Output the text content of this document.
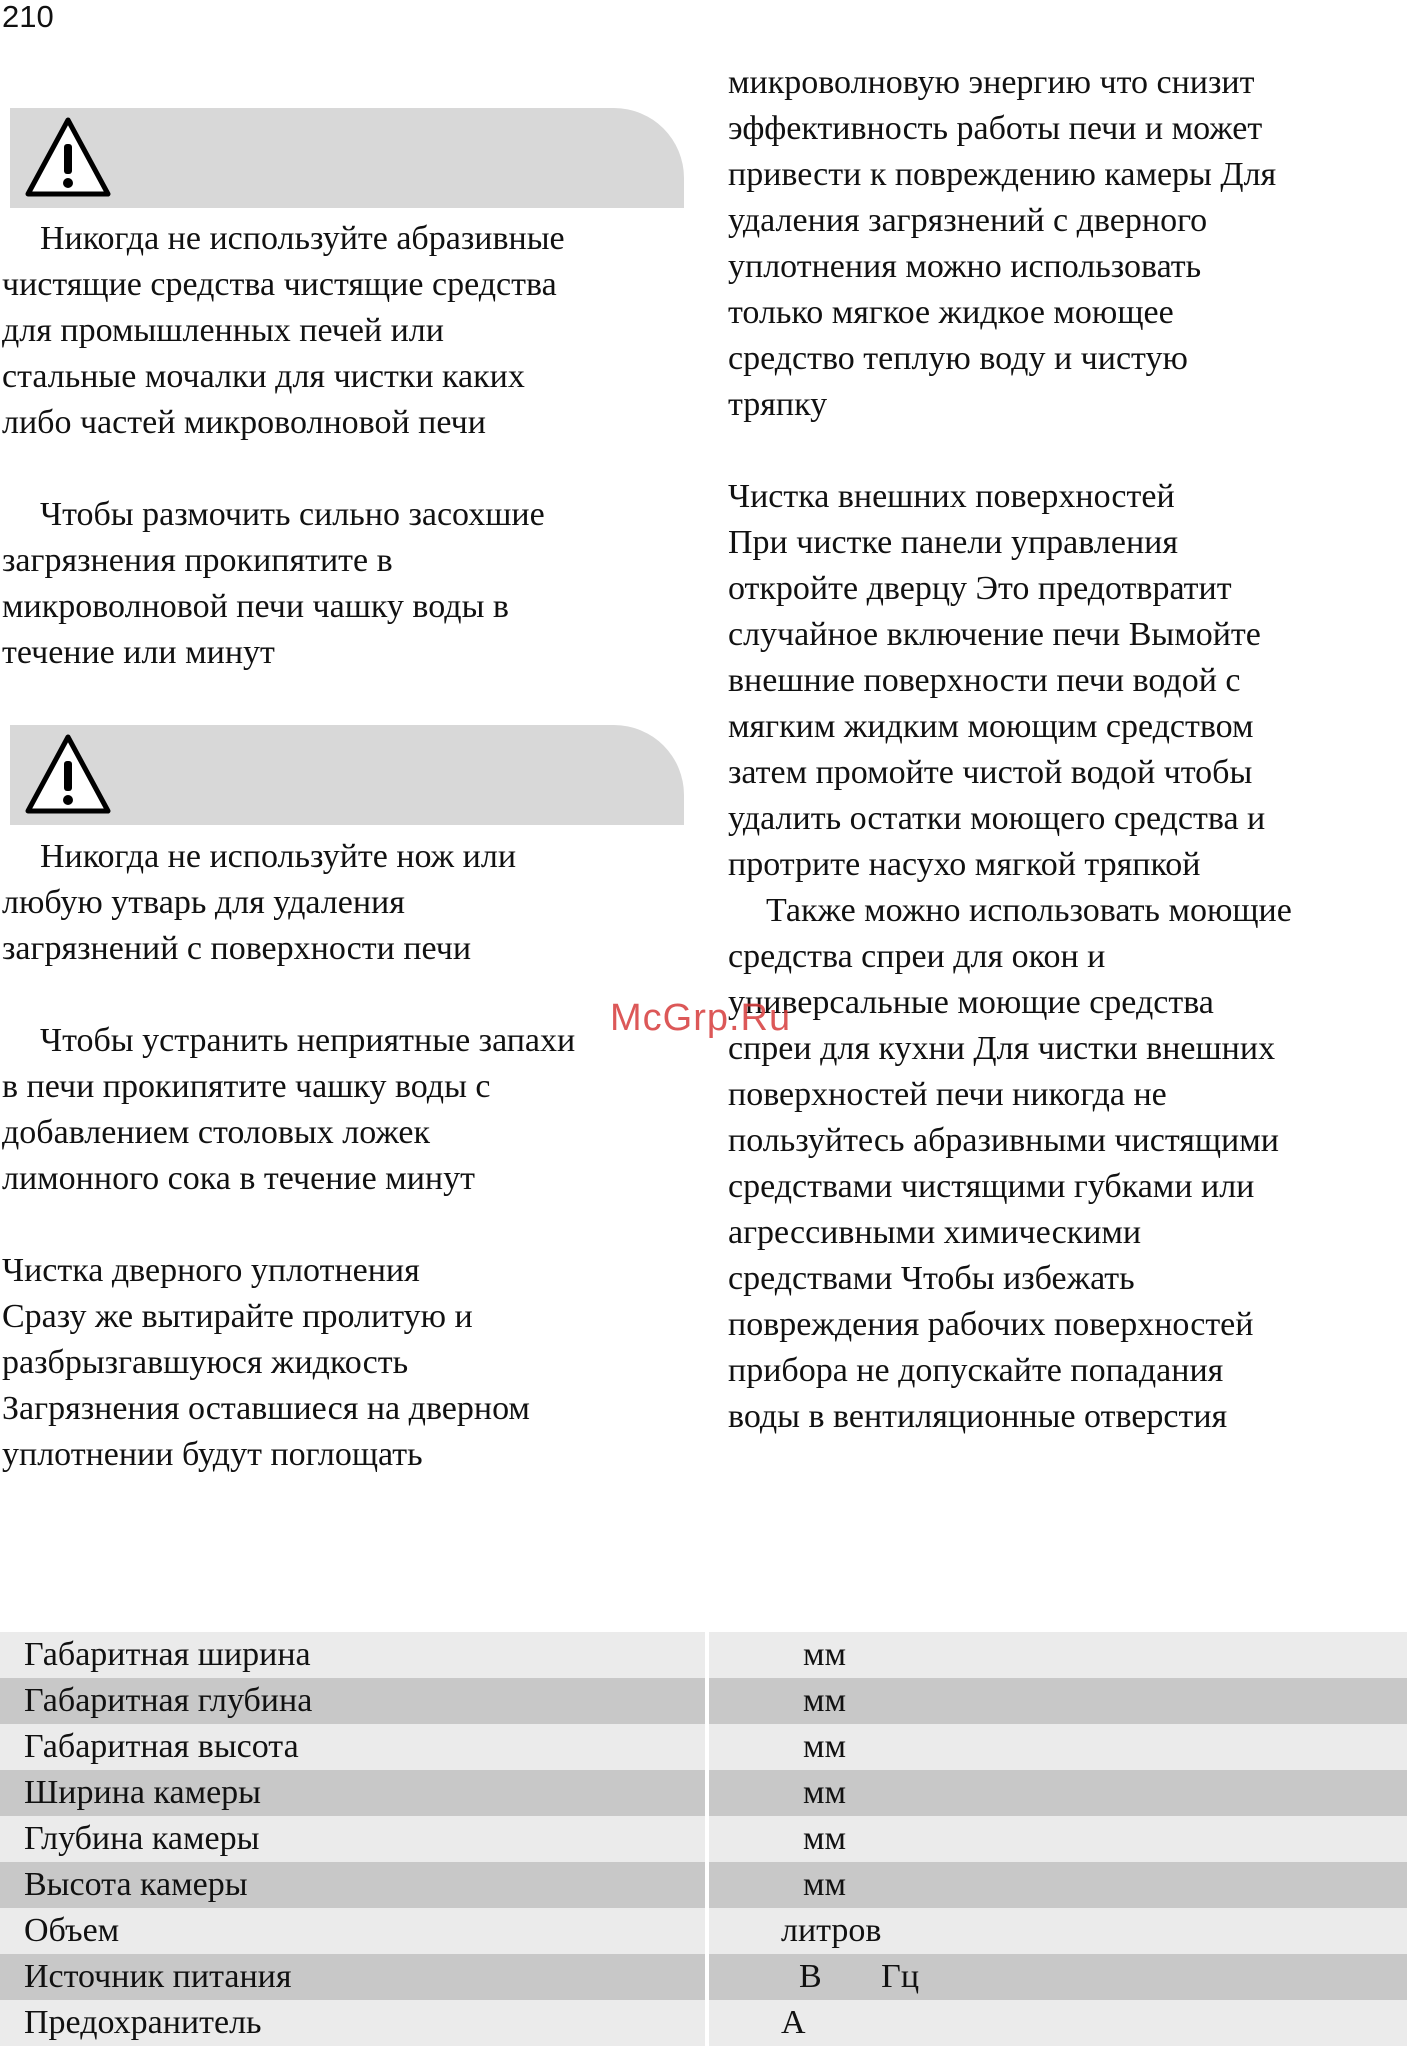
210

Никогда не используйте абразивные
чистящие средства чистящие средства
для промышленных печей или
стальные мочалки для чистки каких
либо частей микроволновой печи

Чтобы размочить сильно засохшие
загрязнения прокипятите в
микроволновой печи чашку воды в
течение или минут

Никогда не используйте нож или
любую утварь для удаления
загрязнений с поверхности печи

Чтобы устранить неприятные запахи
в печи прокипятите чашку воды с
добавлением столовых ложек
лимонного сока в течение минут

Чистка дверного уплотнения

Сразу же вытирайте пролитую и
разбрызгавшуюся жидкость
Загрязнения оставшиеся на дверном
уплотнении будут поглощать

микроволновую энергию что снизит
эффективность работы печи и может
привести к повреждению камеры Для
удаления загрязнений с дверного
уплотнения можно использовать
только мягкое жидкое моющее
средство теплую воду и чистую
тряпку

Чистка внешних поверхностей

При чистке панели управления
откройте дверцу Это предотвратит
случайное включение печи Вымойте
внешние поверхности печи водой с
мягким жидким моющим средством
затем промойте чистой водой чтобы
удалить остатки моющего средства и
протрите насухо мягкой тряпкой

Также можно использовать моющие
средства спреи для окон и
универсальные моющие средства
спреи для кухни Для чистки внешних
поверхностей печи никогда не
пользуйтесь абразивными чистящими
средствами чистящими губками или
агрессивными химическими
средствами Чтобы избежать
повреждения рабочих поверхностей
прибора не допускайте попадания
воды в вентиляционные отверстия

McGrp.Ru
Габаритная ширина	мм
Габаритная глубина	мм
Габаритная высота	мм
Ширина камеры	мм
Глубина камеры	мм
Высота камеры	мм
Объем	литров
Источник питания	В       Гц
Предохранитель	А
